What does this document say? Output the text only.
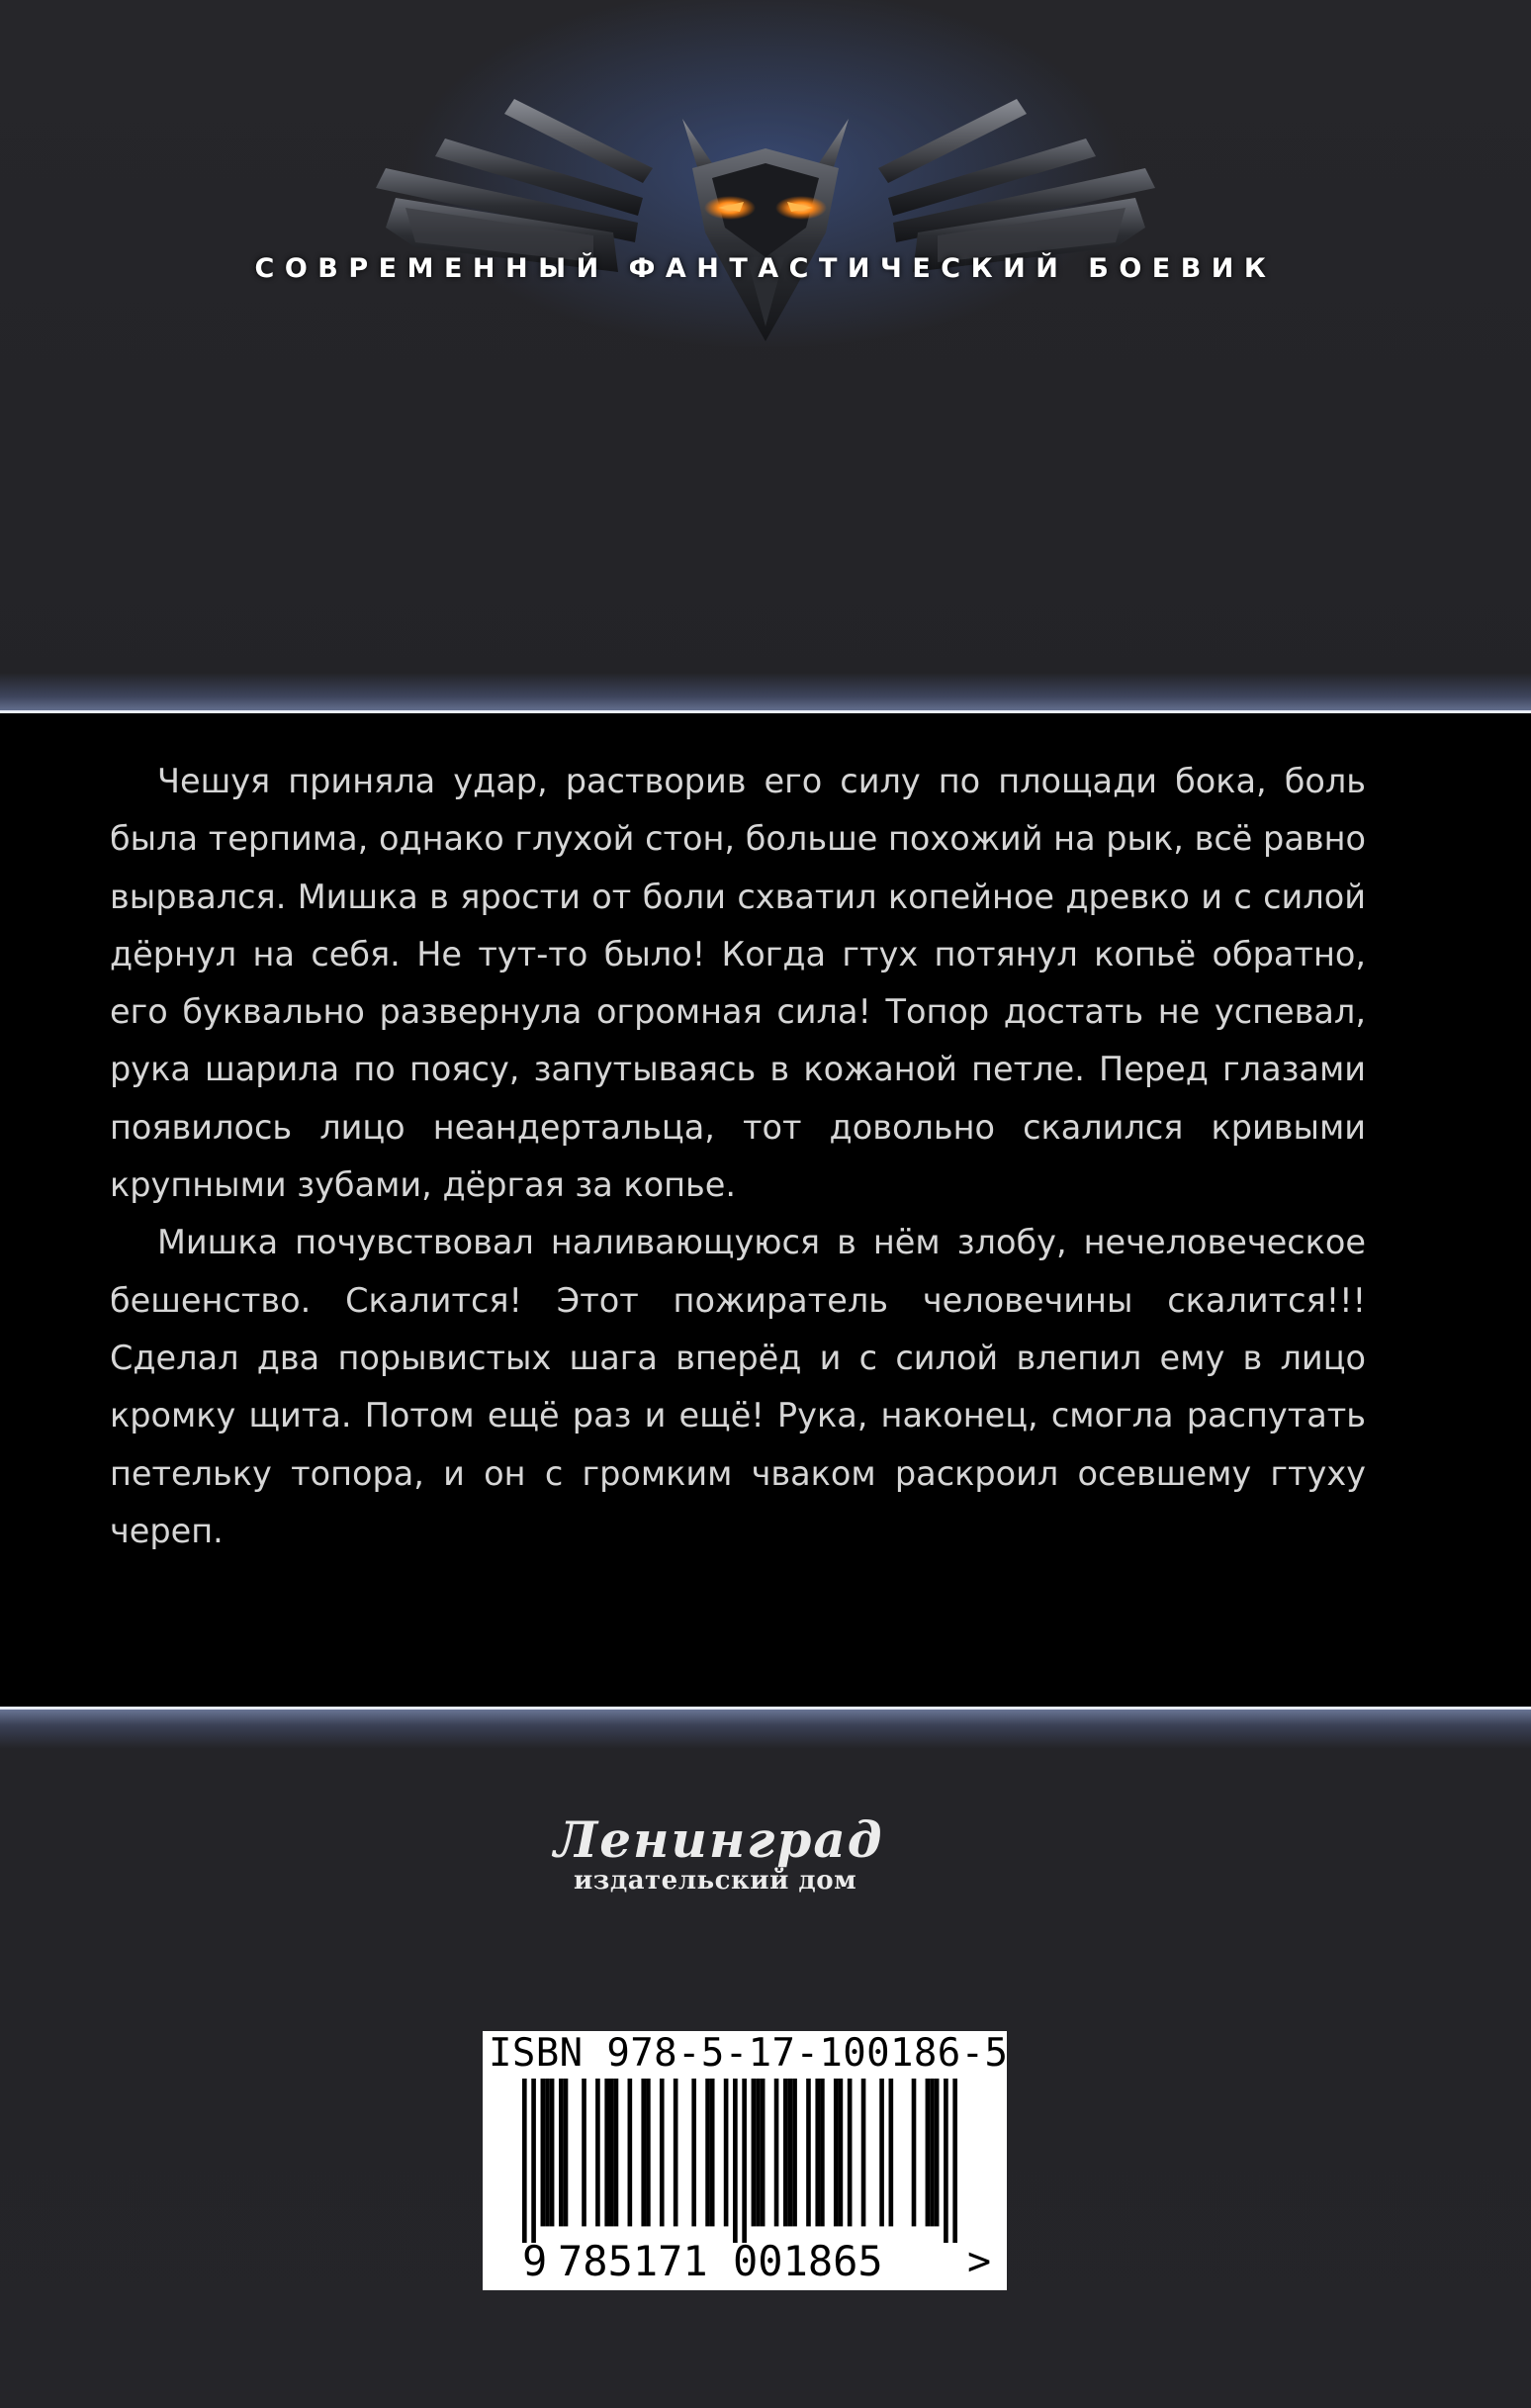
СОВРЕМЕННЫЙ ФАНТАСТИЧЕСКИЙ БОЕВИК

Чешуя приняла удар, растворив его силу по площади бока, боль была терпима, однако глухой стон, больше похожий на рык, всё равно вырвался. Мишка в ярости от боли схватил копейное древко и с силой дёрнул на себя. Не тут-то было! Когда гтух потянул копьё обратно, его буквально развернула огромная сила! Топор достать не успевал, рука шарила по поясу, запутываясь в кожаной петле. Перед глазами появилось лицо неандертальца, тот довольно скалился кривыми крупными зубами, дёргая за копье.

Мишка почувствовал наливающуюся в нём злобу, нечеловеческое бешенство. Скалится! Этот пожиратель человечины скалится!!! Сделал два порывистых шага вперёд и с силой влепил ему в лицо кромку щита. Потом ещё раз и ещё! Рука, наконец, смогла распутать петельку топора, и он с громким чваком раскроил осевшему гтуху череп.

Ленинград
издательский дом
ISBN 978-5-17-100186-5
9 785171 001865 >
